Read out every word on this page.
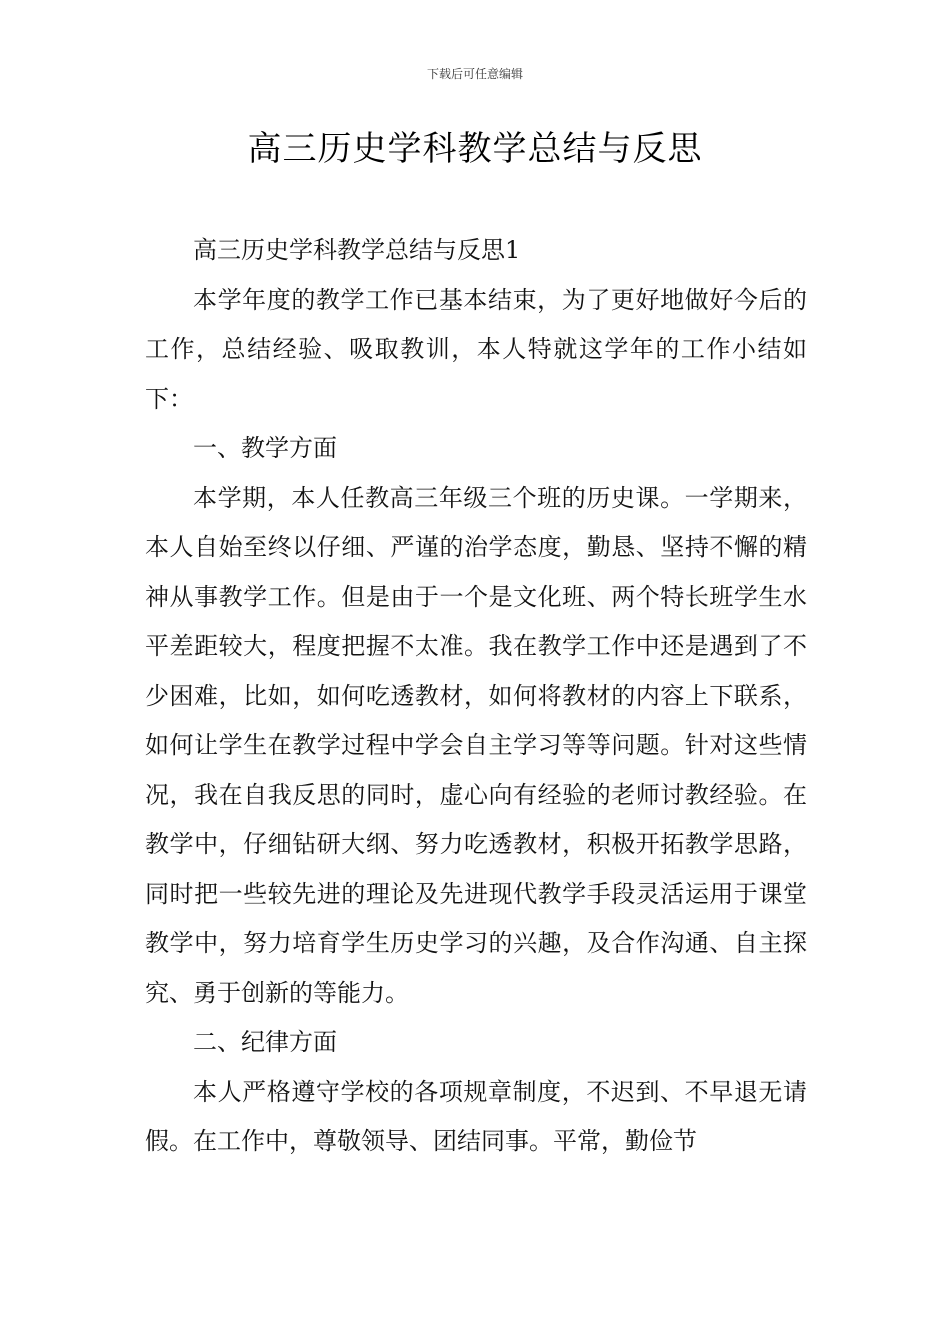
下载后可任意编辑
高三历史学科教学总结与反思

高三历史学科教学总结与反思1

本学年度的教学工作已基本结束，为了更好地做好今后的工作，总结经验、吸取教训，本人特就这学年的工作小结如下：

一、教学方面

本学期，本人任教高三年级三个班的历史课。一学期来，本人自始至终以仔细、严谨的治学态度，勤恳、坚持不懈的精神从事教学工作。但是由于一个是文化班、两个特长班学生水平差距较大，程度把握不太准。我在教学工作中还是遇到了不少困难，比如，如何吃透教材，如何将教材的内容上下联系，如何让学生在教学过程中学会自主学习等等问题。针对这些情况，我在自我反思的同时，虚心向有经验的老师讨教经验。在教学中，仔细钻研大纲、努力吃透教材，积极开拓教学思路，同时把一些较先进的理论及先进现代教学手段灵活运用于课堂教学中，努力培育学生历史学习的兴趣，及合作沟通、自主探究、勇于创新的等能力。

二、纪律方面

本人严格遵守学校的各项规章制度，不迟到、不早退无请假。在工作中，尊敬领导、团结同事。平常，勤俭节
